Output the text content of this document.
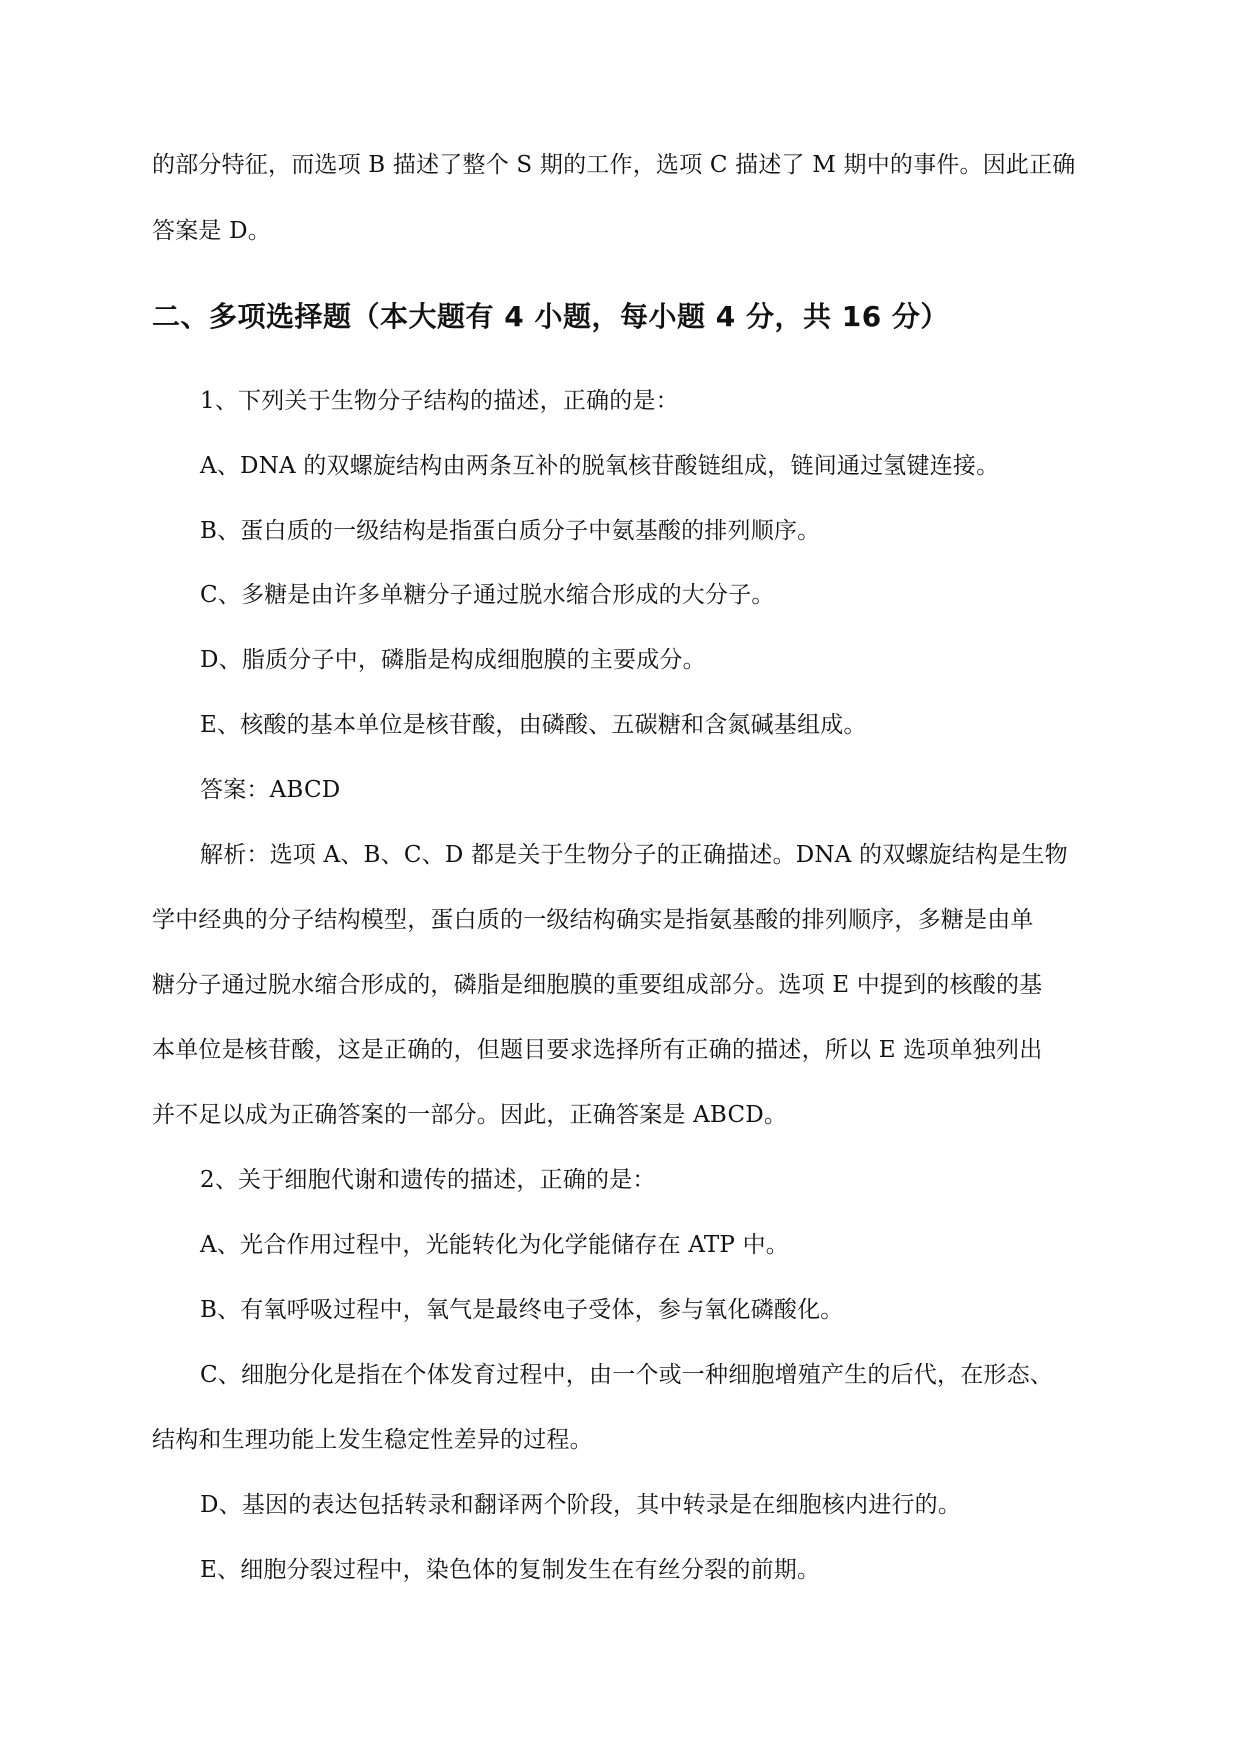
的部分特征，而选项 B 描述了整个 S 期的工作，选项 C 描述了 M 期中的事件。因此正确
答案是 D。
二、多项选择题（本大题有 4 小题，每小题 4 分，共 16 分）
1、下列关于生物分子结构的描述，正确的是：
A、DNA 的双螺旋结构由两条互补的脱氧核苷酸链组成，链间通过氢键连接。
B、蛋白质的一级结构是指蛋白质分子中氨基酸的排列顺序。
C、多糖是由许多单糖分子通过脱水缩合形成的大分子。
D、脂质分子中，磷脂是构成细胞膜的主要成分。
E、核酸的基本单位是核苷酸，由磷酸、五碳糖和含氮碱基组成。
答案：ABCD
解析：选项 A、B、C、D 都是关于生物分子的正确描述。DNA 的双螺旋结构是生物
学中经典的分子结构模型，蛋白质的一级结构确实是指氨基酸的排列顺序，多糖是由单
糖分子通过脱水缩合形成的，磷脂是细胞膜的重要组成部分。选项 E 中提到的核酸的基
本单位是核苷酸，这是正确的，但题目要求选择所有正确的描述，所以 E 选项单独列出
并不足以成为正确答案的一部分。因此，正确答案是 ABCD。
2、关于细胞代谢和遗传的描述，正确的是：
A、光合作用过程中，光能转化为化学能储存在 ATP 中。
B、有氧呼吸过程中，氧气是最终电子受体，参与氧化磷酸化。
C、细胞分化是指在个体发育过程中，由一个或一种细胞增殖产生的后代，在形态、
结构和生理功能上发生稳定性差异的过程。
D、基因的表达包括转录和翻译两个阶段，其中转录是在细胞核内进行的。
E、细胞分裂过程中，染色体的复制发生在有丝分裂的前期。
